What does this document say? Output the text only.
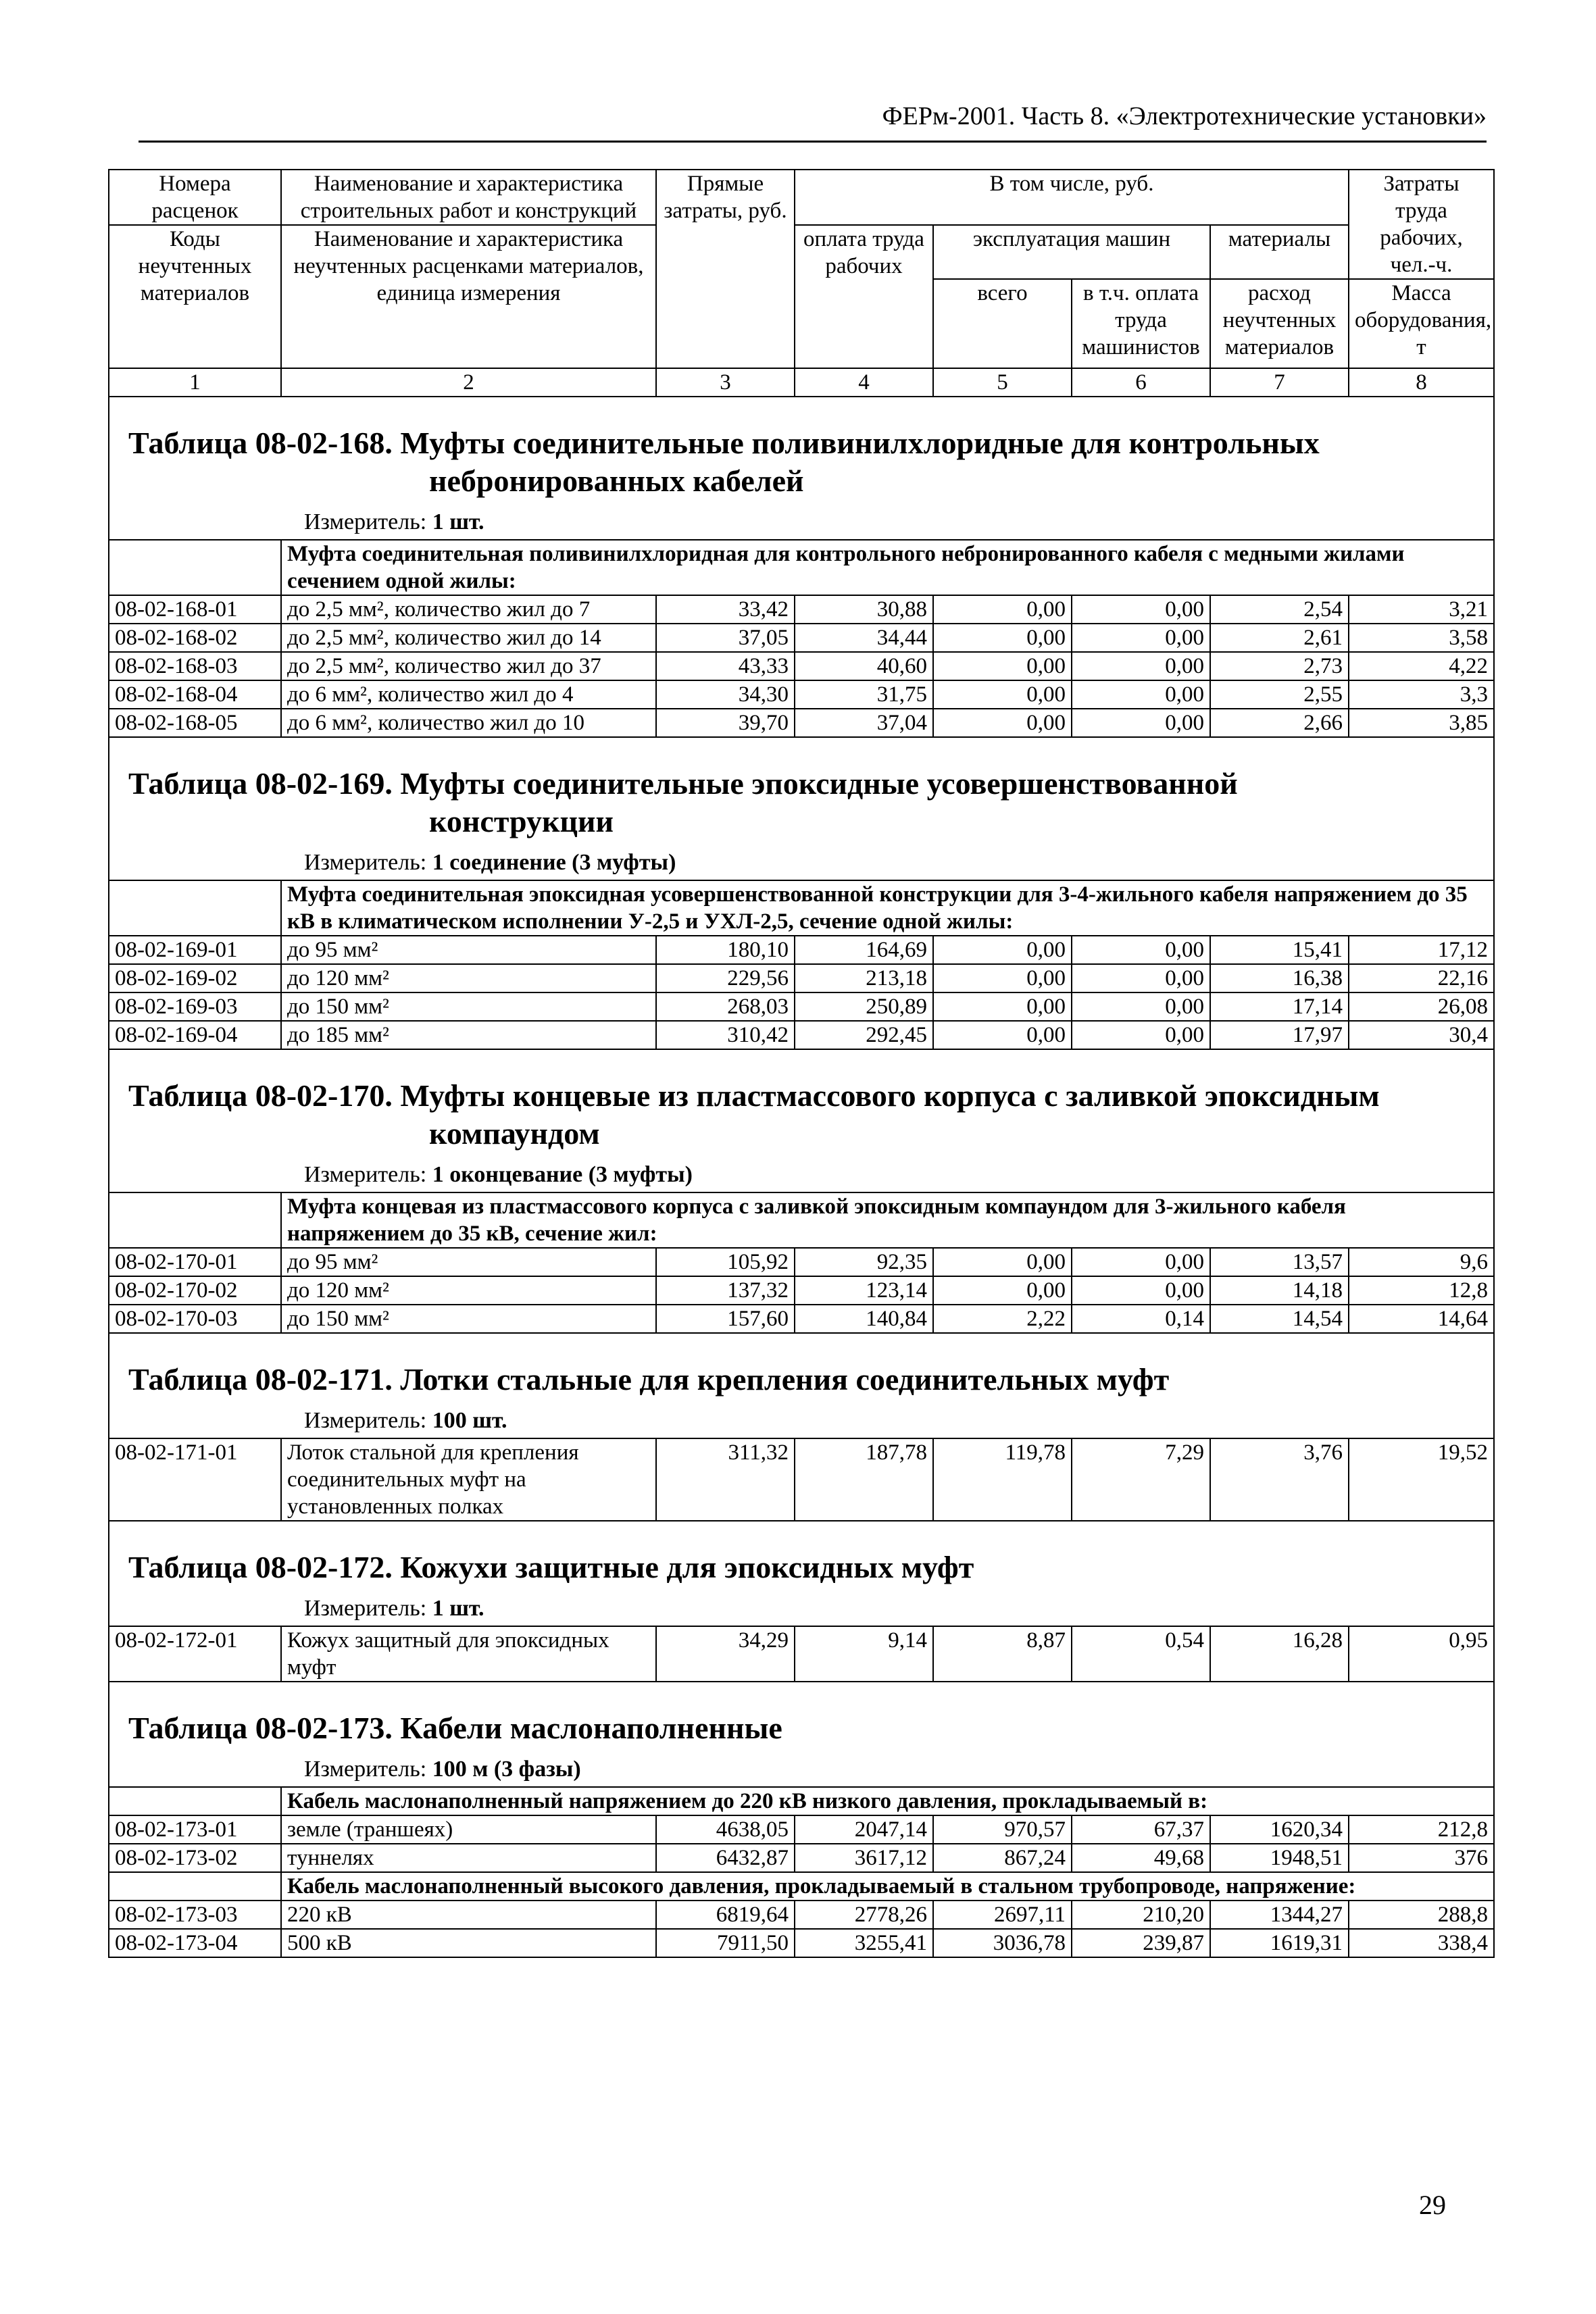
ФЕРм-2001. Часть 8. «Электротехнические установки»
Номера расценок	Наименование и характеристика строительных работ и конструкций	Прямые затраты, руб.	В том числе, руб.				Затраты труда рабочих, чел.-ч.
Коды неучтенных материалов	Наименование и характеристика неучтенных расценками материалов, единица измерения		оплата труда рабочих	эксплуатация машин		материалы	
				всего	в т.ч. оплата труда машинистов	расход неучтенных материалов	Масса оборудования, т
1	2	3	4	5	6	7	8

Таблица 08-02-168. Муфты соединительные поливинилхлоридные для контрольных
небронированных кабелей
Измеритель: 1 шт.							

	Муфта соединительная поливинилхлоридная для контрольного небронированного кабеля с медными жилами сечением одной жилы:						
08-02-168-01	до 2,5 мм², количество жил до 7	33,42	30,88	0,00	0,00	2,54	3,21
08-02-168-02	до 2,5 мм², количество жил до 14	37,05	34,44	0,00	0,00	2,61	3,58
08-02-168-03	до 2,5 мм², количество жил до 37	43,33	40,60	0,00	0,00	2,73	4,22
08-02-168-04	до 6 мм², количество жил до 4	34,30	31,75	0,00	0,00	2,55	3,3
08-02-168-05	до 6 мм², количество жил до 10	39,70	37,04	0,00	0,00	2,66	3,85

Таблица 08-02-169. Муфты соединительные эпоксидные усовершенствованной
конструкции
Измеритель: 1 соединение (3 муфты)							

	Муфта соединительная эпоксидная усовершенствованной конструкции для 3-4-жильного кабеля напряжением до 35 кВ в климатическом исполнении У-2,5 и УХЛ-2,5, сечение одной жилы:						
08-02-169-01	до 95 мм²	180,10	164,69	0,00	0,00	15,41	17,12
08-02-169-02	до 120 мм²	229,56	213,18	0,00	0,00	16,38	22,16
08-02-169-03	до 150 мм²	268,03	250,89	0,00	0,00	17,14	26,08
08-02-169-04	до 185 мм²	310,42	292,45	0,00	0,00	17,97	30,4

Таблица 08-02-170. Муфты концевые из пластмассового корпуса с заливкой эпоксидным
компаундом
Измеритель: 1 оконцевание (3 муфты)							

	Муфта концевая из пластмассового корпуса с заливкой эпоксидным компаундом для 3-жильного кабеля напряжением до 35 кВ, сечение жил:						
08-02-170-01	до 95 мм²	105,92	92,35	0,00	0,00	13,57	9,6
08-02-170-02	до 120 мм²	137,32	123,14	0,00	0,00	14,18	12,8
08-02-170-03	до 150 мм²	157,60	140,84	2,22	0,14	14,54	14,64

Таблица 08-02-171. Лотки стальные для крепления соединительных муфт
Измеритель: 100 шт.							

08-02-171-01	Лоток стальной для крепления соединительных муфт на установленных полках	311,32	187,78	119,78	7,29	3,76	19,52

Таблица 08-02-172. Кожухи защитные для эпоксидных муфт
Измеритель: 1 шт.							

08-02-172-01	Кожух защитный для эпоксидных муфт	34,29	9,14	8,87	0,54	16,28	0,95

Таблица 08-02-173. Кабели маслонаполненные
Измеритель: 100 м (3 фазы)							

	Кабель маслонаполненный напряжением до 220 кВ низкого давления, прокладываемый в:						
08-02-173-01	земле (траншеях)	4638,05	2047,14	970,57	67,37	1620,34	212,8
08-02-173-02	туннелях	6432,87	3617,12	867,24	49,68	1948,51	376
	Кабель маслонаполненный высокого давления, прокладываемый в стальном трубопроводе, напряжение:						
08-02-173-03	220 кВ	6819,64	2778,26	2697,11	210,20	1344,27	288,8
08-02-173-04	500 кВ	7911,50	3255,41	3036,78	239,87	1619,31	338,4
29
